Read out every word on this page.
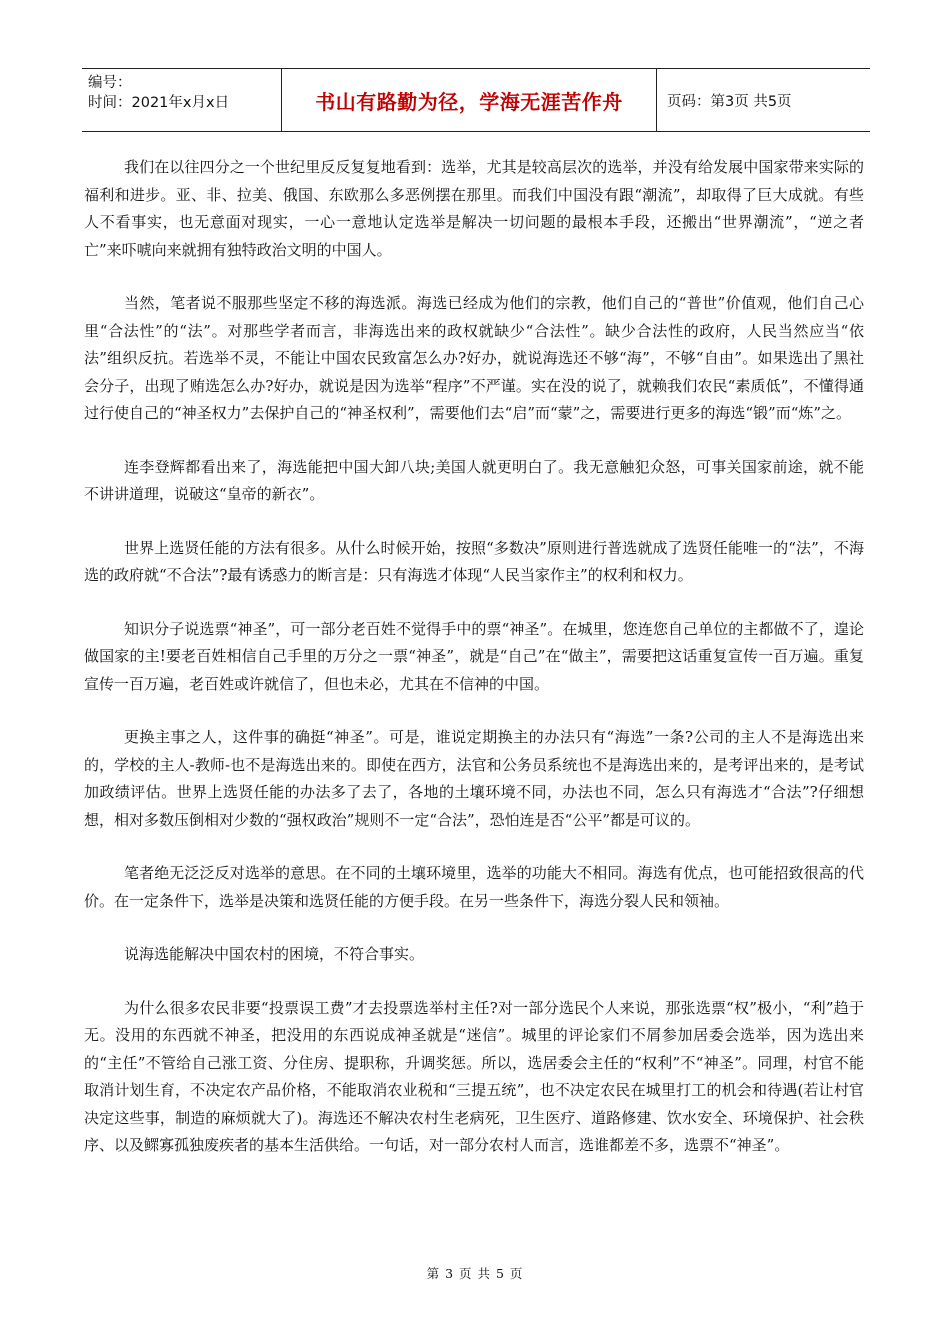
编号：
时间：2021年x月x日	书山有路勤为径，学海无涯苦作舟	页码：第3页 共5页

我们在以往四分之一个世纪里反反复复地看到：选举，尤其是较高层次的选举，并没有给发展中国家带来实际的福利和进步。亚、非、拉美、俄国、东欧那么多恶例摆在那里。而我们中国没有跟“潮流”，却取得了巨大成就。有些人不看事实，也无意面对现实，一心一意地认定选举是解决一切问题的最根本手段，还搬出“世界潮流”，“逆之者亡”来吓唬向来就拥有独特政治文明的中国人。

当然，笔者说不服那些坚定不移的海选派。海选已经成为他们的宗教，他们自己的“普世”价值观，他们自己心里“合法性”的“法”。对那些学者而言，非海选出来的政权就缺少“合法性”。缺少合法性的政府，人民当然应当“依法”组织反抗。若选举不灵，不能让中国农民致富怎么办?好办，就说海选还不够“海”，不够“自由”。如果选出了黑社会分子，出现了贿选怎么办?好办，就说是因为选举“程序”不严谨。实在没的说了，就赖我们农民“素质低”，不懂得通过行使自己的“神圣权力”去保护自己的“神圣权利”，需要他们去“启”而“蒙”之，需要进行更多的海选“锻”而“炼”之。

连李登辉都看出来了，海选能把中国大卸八块;美国人就更明白了。我无意触犯众怒，可事关国家前途，就不能不讲讲道理，说破这“皇帝的新衣”。

世界上选贤任能的方法有很多。从什么时候开始，按照“多数决”原则进行普选就成了选贤任能唯一的“法”，不海选的政府就“不合法”?最有诱惑力的断言是：只有海选才体现“人民当家作主”的权利和权力。

知识分子说选票“神圣”，可一部分老百姓不觉得手中的票“神圣”。在城里，您连您自己单位的主都做不了，遑论做国家的主!要老百姓相信自己手里的万分之一票“神圣”，就是“自己”在“做主”，需要把这话重复宣传一百万遍。重复宣传一百万遍，老百姓或许就信了，但也未必，尤其在不信神的中国。

更换主事之人，这件事的确挺“神圣”。可是，谁说定期换主的办法只有“海选”一条?公司的主人不是海选出来的，学校的主人-教师-也不是海选出来的。即使在西方，法官和公务员系统也不是海选出来的，是考评出来的，是考试加政绩评估。世界上选贤任能的办法多了去了，各地的土壤环境不同，办法也不同，怎么只有海选才“合法”?仔细想想，相对多数压倒相对少数的“强权政治”规则不一定“合法”，恐怕连是否“公平”都是可议的。

笔者绝无泛泛反对选举的意思。在不同的土壤环境里，选举的功能大不相同。海选有优点，也可能招致很高的代价。在一定条件下，选举是决策和选贤任能的方便手段。在另一些条件下，海选分裂人民和领袖。

说海选能解决中国农村的困境，不符合事实。

为什么很多农民非要“投票误工费”才去投票选举村主任?对一部分选民个人来说，那张选票“权”极小，“利”趋于无。没用的东西就不神圣，把没用的东西说成神圣就是“迷信”。城里的评论家们不屑参加居委会选举，因为选出来的“主任”不管给自己涨工资、分住房、提职称，升调奖惩。所以，选居委会主任的“权利”不“神圣”。同理，村官不能取消计划生育，不决定农产品价格，不能取消农业税和“三提五统”，也不决定农民在城里打工的机会和待遇(若让村官决定这些事，制造的麻烦就大了)。海选还不解决农村生老病死，卫生医疗、道路修建、饮水安全、环境保护、社会秩序、以及鳏寡孤独废疾者的基本生活供给。一句话，对一部分农村人而言，选谁都差不多，选票不“神圣”。

第 3 页 共 5 页
